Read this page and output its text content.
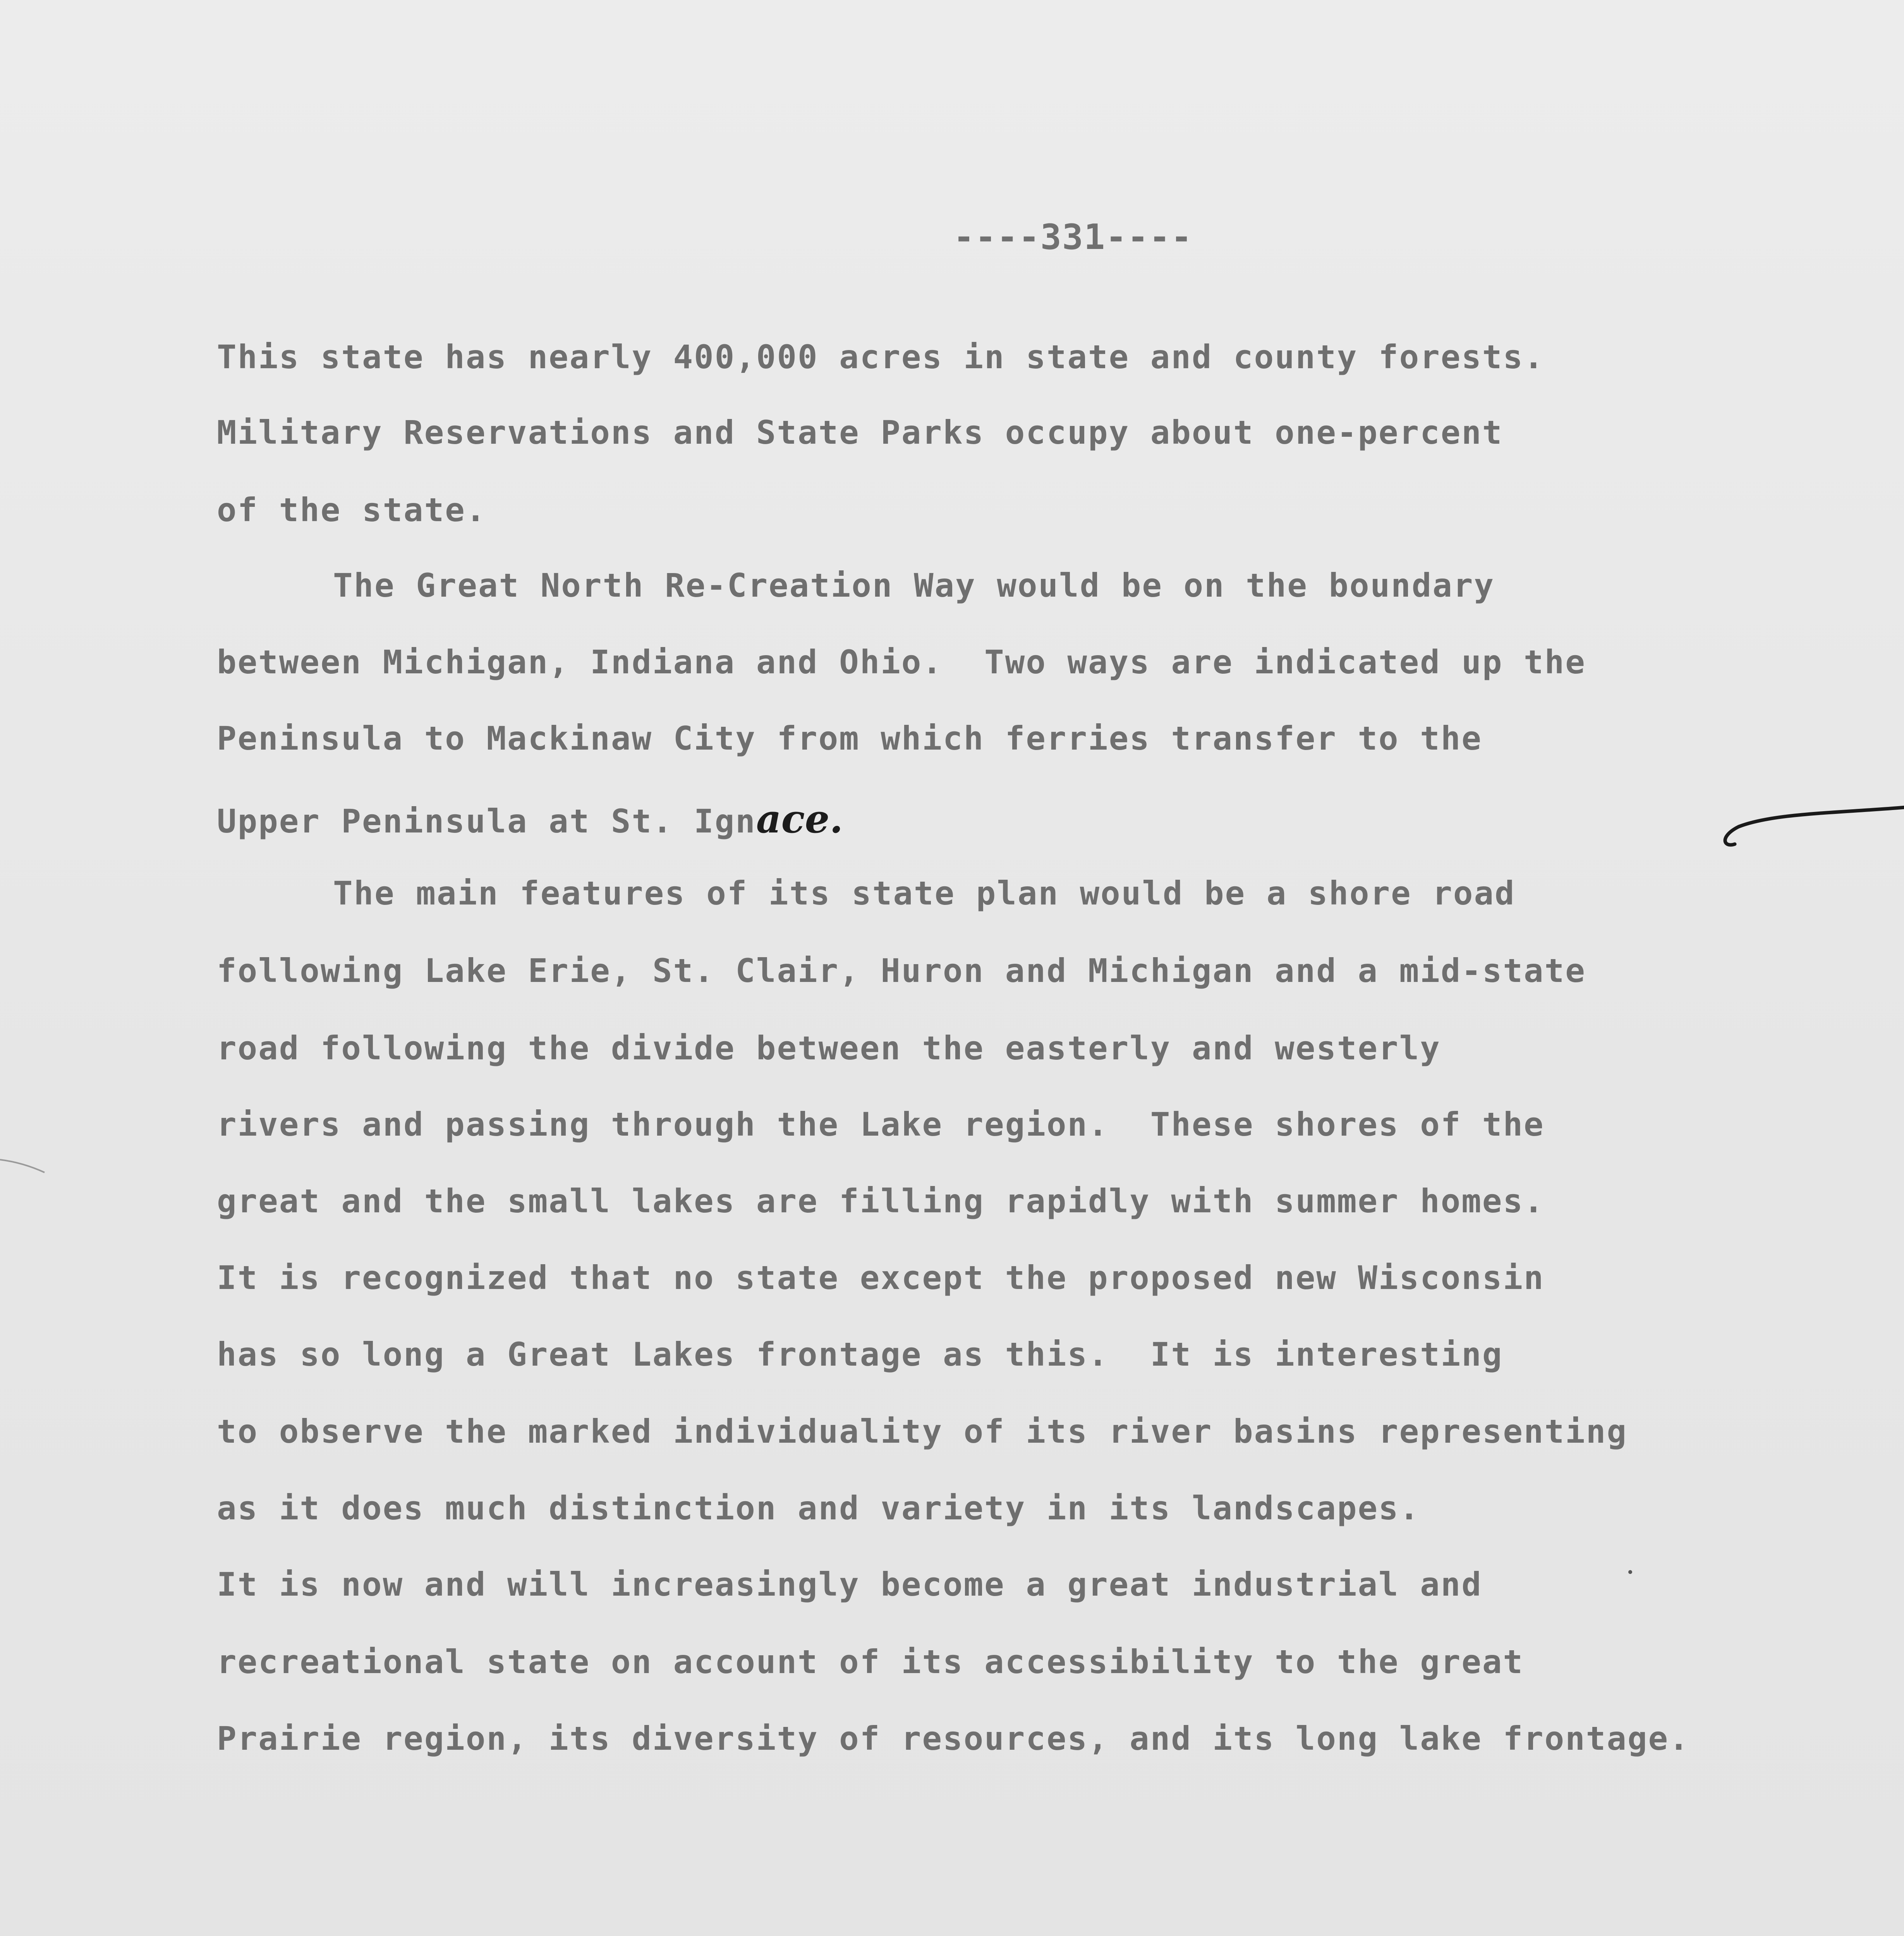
----331----
This state has nearly 400,000 acres in state and county forests.
Military Reservations and State Parks occupy about one-percent
of the state.
The Great North Re-Creation Way would be on the boundary
between Michigan, Indiana and Ohio.  Two ways are indicated up the
Peninsula to Mackinaw City from which ferries transfer to the
Upper Peninsula at St. Ignace.
The main features of its state plan would be a shore road
following Lake Erie, St. Clair, Huron and Michigan and a mid-state
road following the divide between the easterly and westerly
rivers and passing through the Lake region.  These shores of the
great and the small lakes are filling rapidly with summer homes.
It is recognized that no state except the proposed new Wisconsin
has so long a Great Lakes frontage as this.  It is interesting
to observe the marked individuality of its river basins representing
as it does much distinction and variety in its landscapes.
It is now and will increasingly become a great industrial and
recreational state on account of its accessibility to the great
Prairie region, its diversity of resources, and its long lake frontage.
